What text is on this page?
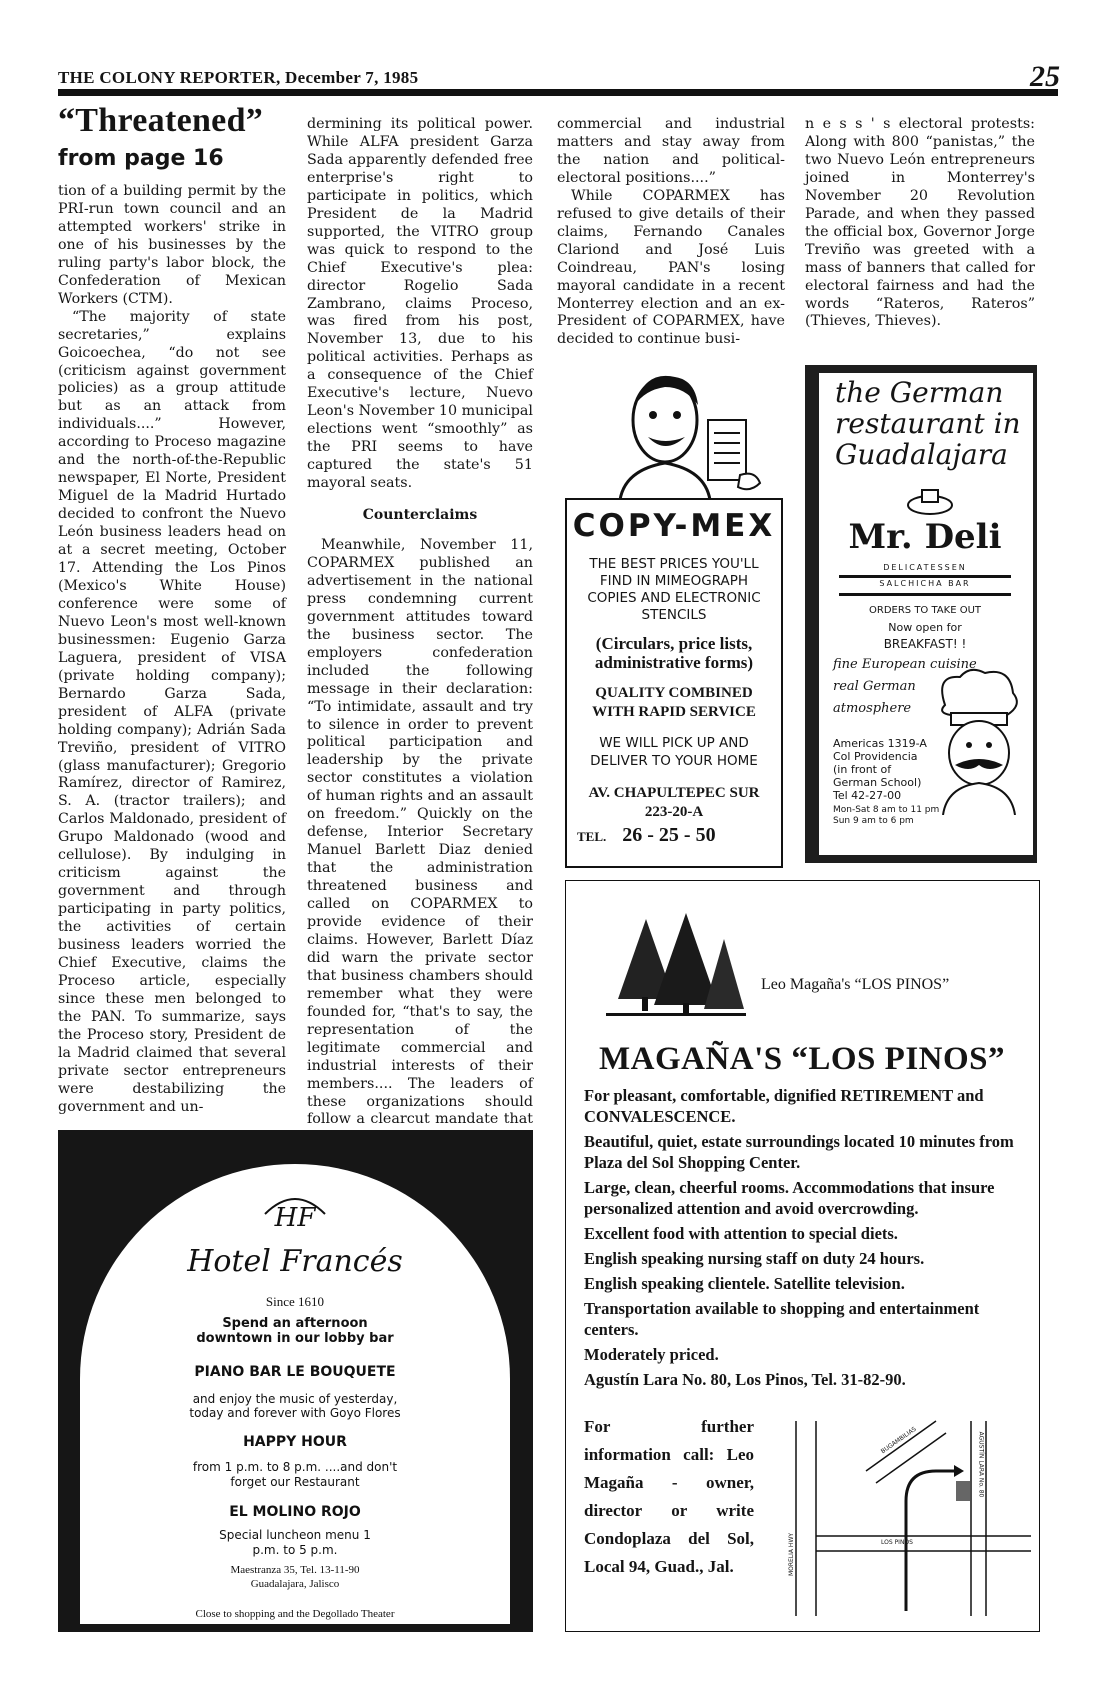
THE COLONY REPORTER, December 7, 1985	25
“Threatened”
from page 16

tion of a building permit by the PRI-run town council and an attempted workers' strike in one of his businesses by the ruling party's labor block, the Confederation of Mexican Workers (CTM).

“The majority of state secretaries,” explains Goicoechea, “do not see (criticism against government policies) as a group attitude but as an attack from individuals....” However, according to Proceso magazine and the north-of-the-Republic newspaper, El Norte, President Miguel de la Madrid Hurtado decided to confront the Nuevo León business leaders head on at a secret meeting, October 17. Attending the Los Pinos (Mexico's White House) conference were some of Nuevo Leon's most well-known businessmen: Eugenio Garza Laguera, president of VISA (private holding company); Bernardo Garza Sada, president of ALFA (private holding company); Adrián Sada Treviño, president of VITRO (glass manufacturer); Gregorio Ramírez, director of Ramirez, S. A. (tractor trailers); and Carlos Maldonado, president of Grupo Maldonado (wood and cellulose). By indulging in criticism against the government and through participating in party politics, the activities of certain business leaders worried the Chief Executive, claims the Proceso article, especially since these men belonged to the PAN. To summarize, says the Proceso story, President de la Madrid claimed that several private sector entrepreneurs were destabilizing the government and un-

dermining its political power. While ALFA president Garza Sada apparently defended free enterprise's right to participate in politics, which President de la Madrid supported, the VITRO group was quick to respond to the Chief Executive's plea: director Rogelio Sada Zambrano, claims Proceso, was fired from his post, November 13, due to his political activities. Perhaps as a consequence of the Chief Executive's lecture, Nuevo Leon's November 10 municipal elections went “smoothly” as the PRI seems to have captured the state's 51 mayoral seats.

Counterclaims

Meanwhile, November 11, COPARMEX published an advertisement in the national press condemning current government attitudes toward the business sector. The employers confederation included the following message in their declaration: “To intimidate, assault and try to silence in order to prevent political participation and leadership by the private sector constitutes a violation of human rights and an assault on freedom.” Quickly on the defense, Interior Secretary Manuel Barlett Diaz denied that the administration threatened business and called on COPARMEX to provide evidence of their claims. However, Barlett Díaz did warn the private sector that business chambers should remember what they were founded for, “that's to say, the representation of the legitimate commercial and industrial interests of their members.... The leaders of these organizations should follow a clearcut mandate that

commercial and industrial matters and stay away from the nation and political-electoral positions....”

While COPARMEX has refused to give details of their claims, Fernando Canales Clariond and José Luis Coindreau, PAN's losing mayoral candidate in a recent Monterrey election and an ex-President of COPARMEX, have decided to continue busi-

n e s s ' s electoral protests: Along with 800 “panistas,” the two Nuevo León entrepreneurs joined in Monterrey's November 20 Revolution Parade, and when they passed the official box, Governor Jorge Treviño was greeted with a mass of banners that called for electoral fairness and had the words “Rateros, Rateros” (Thieves, Thieves).

COPY-MEX
THE BEST PRICES YOU'LL FIND IN MIMEOGRAPH COPIES AND ELECTRONIC STENCILS
(Circulars, price lists, administrative forms)
QUALITY COMBINED WITH RAPID SERVICE
WE WILL PICK UP AND DELIVER TO YOUR HOME
AV. CHAPULTEPEC SUR 223-20-A
TEL. 26 - 25 - 50
the German
restaurant in
Guadalajara
Mr. Deli
DELICATESSEN
SALCHICHA BAR
ORDERS TO TAKE OUT
Now open for
BREAKFAST! !
fine European cuisine
real German
atmosphere
Americas 1319-A
Col Providencia
(in front of
German School)
Tel 42-27-00
Mon-Sat 8 am to 11 pm
Sun 9 am to 6 pm
HF
Hotel Francés
Since 1610
Spend an afternoon downtown in our lobby bar
PIANO BAR LE BOUQUETE
and enjoy the music of yesterday, today and forever with Goyo Flores
HAPPY HOUR
from 1 p.m. to 8 p.m. ....and don't forget our Restaurant
EL MOLINO ROJO
Special luncheon menu 1 p.m. to 5 p.m.
Maestranza 35, Tel. 13-11-90
Guadalajara, Jalisco
Close to shopping and the Degollado Theater
Leo Magaña's “LOS PINOS”
MAGAÑA'S “LOS PINOS”

For pleasant, comfortable, dignified RETIREMENT and CONVALESCENCE.

Beautiful, quiet, estate surroundings located 10 minutes from Plaza del Sol Shopping Center.

Large, clean, cheerful rooms. Accommodations that insure personalized attention and avoid overcrowding.

Excellent food with attention to special diets.

English speaking nursing staff on duty 24 hours.

English speaking clientele. Satellite television.

Transportation available to shopping and entertainment centers.

Moderately priced.

Agustín Lara No. 80, Los Pinos, Tel. 31-82-90.

For further information call: Leo Magaña - owner, director or write Condoplaza del Sol, Local 94, Guad., Jal.
BUGAMBILIAS
LOS PINOS
MORELIA HWY
AGUSTÍN LARA No. 80
